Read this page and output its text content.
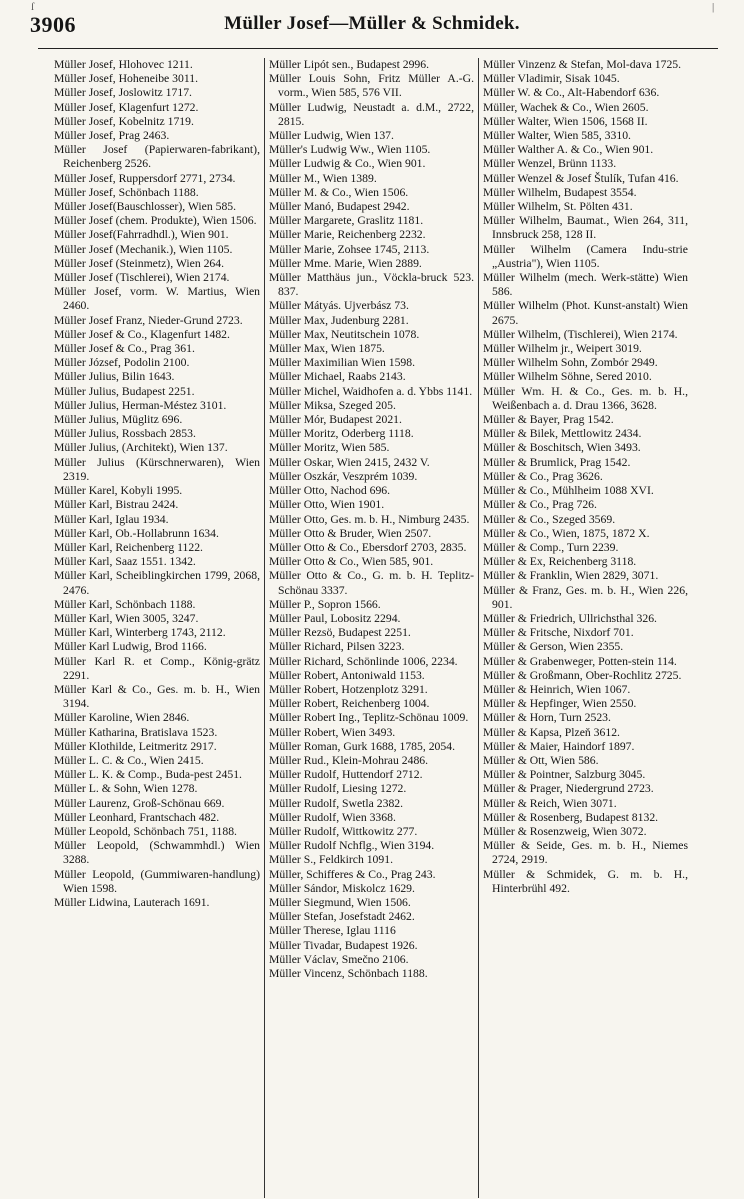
ſ	|
3906	Müller Josef—Müller & Schmidek.
Müller Josef, Hlohovec 1211.
Müller Josef, Hoheneibe 3011.
Müller Josef, Joslowitz 1717.
Müller Josef, Klagenfurt 1272.
Müller Josef, Kobelnitz 1719.
Müller Josef, Prag 2463.
Müller Josef (Papierwaren-fabrikant), Reichenberg 2526.
Müller Josef, Ruppersdorf 2771, 2734.
Müller Josef, Schönbach 1188.
Müller Josef(Bauschlosser), Wien 585.
Müller Josef (chem. Produkte), Wien 1506.
Müller Josef(Fahrradhdl.), Wien 901.
Müller Josef (Mechanik.), Wien 1105.
Müller Josef (Steinmetz), Wien 264.
Müller Josef (Tischlerei), Wien 2174.
Müller Josef, vorm. W. Martius, Wien 2460.
Müller Josef Franz, Nieder-Grund 2723.
Müller Josef & Co., Klagenfurt 1482.
Müller Josef & Co., Prag 361.
Müller József, Podolin 2100.
Müller Julius, Bilin 1643.
Müller Julius, Budapest 2251.
Müller Julius, Herman-Méstez 3101.
Müller Julius, Müglitz 696.
Müller Julius, Rossbach 2853.
Müller Julius, (Architekt), Wien 137.
Müller Julius (Kürschnerwaren), Wien 2319.
Müller Karel, Kobyli 1995.
Müller Karl, Bistrau 2424.
Müller Karl, Iglau 1934.
Müller Karl, Ob.-Hollabrunn 1634.
Müller Karl, Reichenberg 1122.
Müller Karl, Saaz 1551. 1342.
Müller Karl, Scheiblingkirchen 1799, 2068, 2476.
Müller Karl, Schönbach 1188.
Müller Karl, Wien 3005, 3247.
Müller Karl, Winterberg 1743, 2112.
Müller Karl Ludwig, Brod 1166.
Müller Karl R. et Comp., König-grätz 2291.
Müller Karl & Co., Ges. m. b. H., Wien 3194.
Müller Karoline, Wien 2846.
Müller Katharina, Bratislava 1523.
Müller Klothilde, Leitmeritz 2917.
Müller L. C. & Co., Wien 2415.
Müller L. K. & Comp., Buda-pest 2451.
Müller L. & Sohn, Wien 1278.
Müller Laurenz, Groß-Schönau 669.
Müller Leonhard, Frantschach 482.
Müller Leopold, Schönbach 751, 1188.
Müller Leopold, (Schwammhdl.) Wien 3288.
Müller Leopold, (Gummiwaren-handlung) Wien 1598.
Müller Lidwina, Lauterach 1691.
Müller Lipót sen., Budapest 2996.
Müller Louis Sohn, Fritz Müller A.-G. vorm., Wien 585, 576 VII.
Müller Ludwig, Neustadt a. d.M., 2722, 2815.
Müller Ludwig, Wien 137.
Müller's Ludwig Ww., Wien 1105.
Müller Ludwig & Co., Wien 901.
Müller M., Wien 1389.
Müller M. & Co., Wien 1506.
Müller Manó, Budapest 2942.
Müller Margarete, Graslitz 1181.
Müller Marie, Reichenberg 2232.
Müller Marie, Zohsee 1745, 2113.
Müller Mme. Marie, Wien 2889.
Müller Matthäus jun., Vöckla-bruck 523. 837.
Müller Mátyás. Ujverbász 73.
Müller Max, Judenburg 2281.
Müller Max, Neutitschein 1078.
Müller Max, Wien 1875.
Müller Maximilian Wien 1598.
Müller Michael, Raabs 2143.
Müller Michel, Waidhofen a. d. Ybbs 1141.
Müller Miksa, Szeged 205.
Müller Mór, Budapest 2021.
Müller Moritz, Oderberg 1118.
Müller Moritz, Wien 585.
Müller Oskar, Wien 2415, 2432 V.
Müller Oszkár, Veszprém 1039.
Müller Otto, Nachod 696.
Müller Otto, Wien 1901.
Müller Otto, Ges. m. b. H., Nimburg 2435.
Müller Otto & Bruder, Wien 2507.
Müller Otto & Co., Ebersdorf 2703, 2835.
Müller Otto & Co., Wien 585, 901.
Müller Otto & Co., G. m. b. H. Teplitz-Schönau 3337.
Müller P., Sopron 1566.
Müller Paul, Lobositz 2294.
Müller Rezsö, Budapest 2251.
Müller Richard, Pilsen 3223.
Müller Richard, Schönlinde 1006, 2234.
Müller Robert, Antoniwald 1153.
Müller Robert, Hotzenplotz 3291.
Müller Robert, Reichenberg 1004.
Müller Robert Ing., Teplitz-Schönau 1009.
Müller Robert, Wien 3493.
Müller Roman, Gurk 1688, 1785, 2054.
Müller Rud., Klein-Mohrau 2486.
Müller Rudolf, Huttendorf 2712.
Müller Rudolf, Liesing 1272.
Müller Rudolf, Swetla 2382.
Müller Rudolf, Wien 3368.
Müller Rudolf, Wittkowitz 277.
Müller Rudolf Nchflg., Wien 3194.
Müller S., Feldkirch 1091.
Müller, Schifferes & Co., Prag 243.
Müller Sándor, Miskolcz 1629.
Müller Siegmund, Wien 1506.
Müller Stefan, Josefstadt 2462.
Müller Therese, Iglau 1116
Müller Tivadar, Budapest 1926.
Müller Václav, Smečno 2106.
Müller Vincenz, Schönbach 1188.
Müller Vinzenz & Stefan, Mol-dava 1725.
Müller Vladimir, Sisak 1045.
Müller W. & Co., Alt-Habendorf 636.
Müller, Wachek & Co., Wien 2605.
Müller Walter, Wien 1506, 1568 II.
Müller Walter, Wien 585, 3310.
Müller Walther A. & Co., Wien 901.
Müller Wenzel, Brünn 1133.
Müller Wenzel & Josef Štulík, Tufan 416.
Müller Wilhelm, Budapest 3554.
Müller Wilhelm, St. Pölten 431.
Müller Wilhelm, Baumat., Wien 264, 311, Innsbruck 258, 128 II.
Müller Wilhelm (Camera Indu-strie „Austria"), Wien 1105.
Müller Wilhelm (mech. Werk-stätte) Wien 586.
Müller Wilhelm (Phot. Kunst-anstalt) Wien 2675.
Müller Wilhelm, (Tischlerei), Wien 2174.
Müller Wilhelm jr., Weipert 3019.
Müller Wilhelm Sohn, Zombór 2949.
Müller Wilhelm Söhne, Sered 2010.
Müller Wm. H. & Co., Ges. m. b. H., Weißenbach a. d. Drau 1366, 3628.
Müller & Bayer, Prag 1542.
Müller & Bilek, Mettlowitz 2434.
Müller & Boschitsch, Wien 3493.
Müller & Brumlick, Prag 1542.
Müller & Co., Prag 3626.
Müller & Co., Mühlheim 1088 XVI.
Müller & Co., Prag 726.
Müller & Co., Szeged 3569.
Müller & Co., Wien, 1875, 1872 X.
Müller & Comp., Turn 2239.
Müller & Ex, Reichenberg 3118.
Müller & Franklin, Wien 2829, 3071.
Müller & Franz, Ges. m. b. H., Wien 226, 901.
Müller & Friedrich, Ullrichsthal 326.
Müller & Fritsche, Nixdorf 701.
Müller & Gerson, Wien 2355.
Müller & Grabenweger, Potten-stein 114.
Müller & Großmann, Ober-Rochlitz 2725.
Müller & Heinrich, Wien 1067.
Müller & Hepfinger, Wien 2550.
Müller & Horn, Turn 2523.
Müller & Kapsa, Plzeň 3612.
Müller & Maier, Haindorf 1897.
Müller & Ott, Wien 586.
Müller & Pointner, Salzburg 3045.
Müller & Prager, Niedergrund 2723.
Müller & Reich, Wien 3071.
Müller & Rosenberg, Budapest 8132.
Müller & Rosenzweig, Wien 3072.
Müller & Seide, Ges. m. b. H., Niemes 2724, 2919.
Müller & Schmidek, G. m. b. H., Hinterbrühl 492.
